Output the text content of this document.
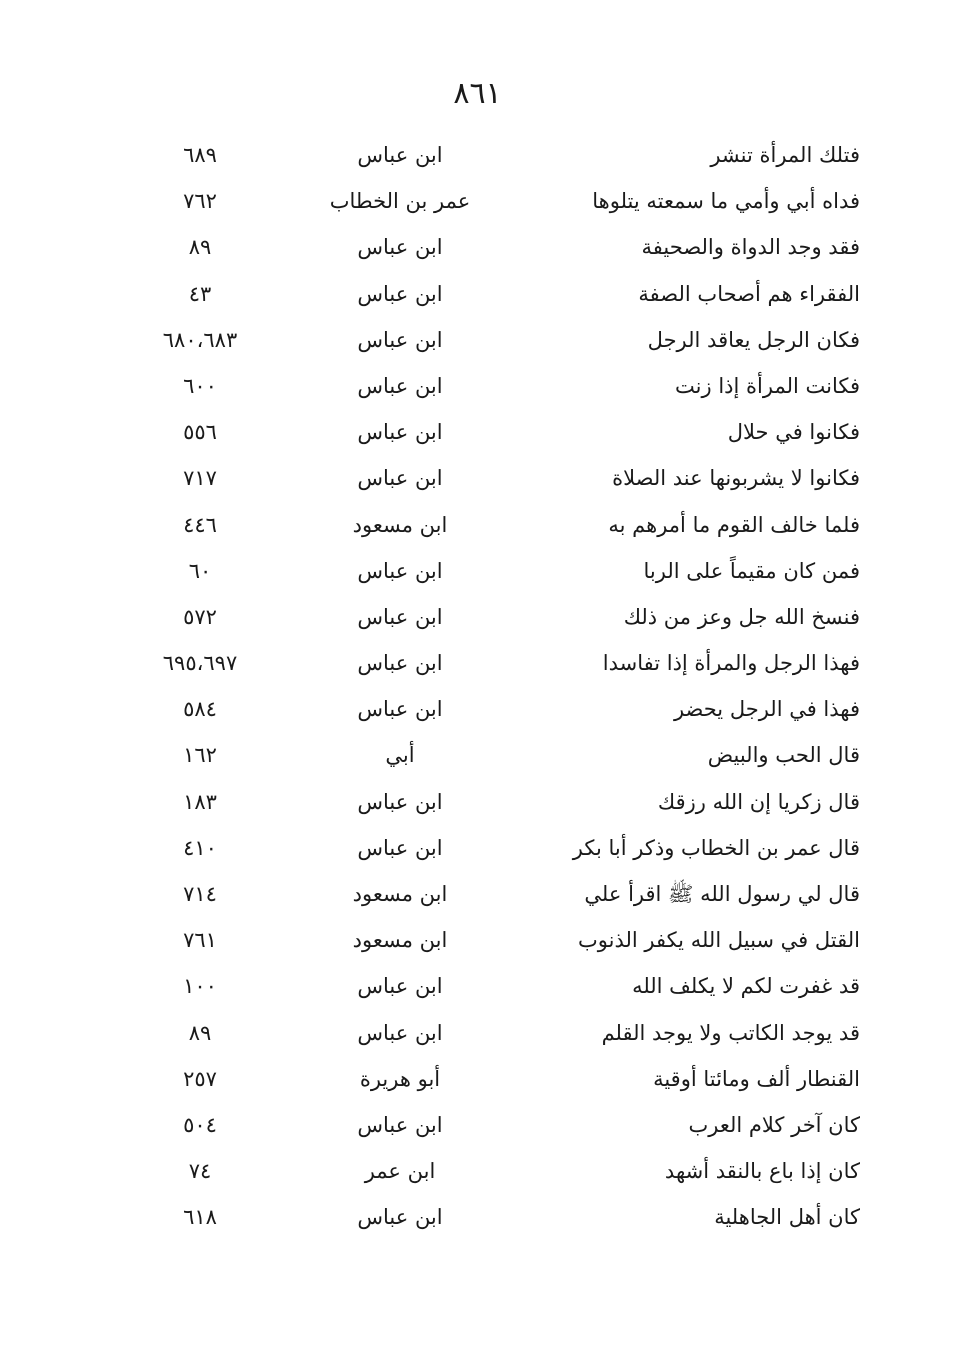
٨٦١
فتلك المرأة تنشر
ابن عباس
٦٨٩
فداه أبي وأمي ما سمعته يتلوها
عمر بن الخطاب
٧٦٢
فقد وجد الدواة والصحيفة
ابن عباس
٨٩
الفقراء هم أصحاب الصفة
ابن عباس
٤٣
فكان الرجل يعاقد الرجل
ابن عباس
٦٨٠،٦٨٣
فكانت المرأة إذا زنت
ابن عباس
٦٠٠
فكانوا في حلال
ابن عباس
٥٥٦
فكانوا لا يشربونها عند الصلاة
ابن عباس
٧١٧
فلما خالف القوم ما أمرهم به
ابن مسعود
٤٤٦
فمن كان مقيماً على الربا
ابن عباس
٦٠
فنسخ الله جل وعز من ذلك
ابن عباس
٥٧٢
فهذا الرجل والمرأة إذا تفاسدا
ابن عباس
٦٩٥،٦٩٧
فهذا في الرجل يحضر
ابن عباس
٥٨٤
قال الحب والبيض
أبي
١٦٢
قال زكريا إن الله رزقك
ابن عباس
١٨٣
قال عمر بن الخطاب وذكر أبا بكر
ابن عباس
٤١٠
قال لي رسول الله ﷺ اقرأ علي
ابن مسعود
٧١٤
القتل في سبيل الله يكفر الذنوب
ابن مسعود
٧٦١
قد غفرت لكم لا يكلف الله
ابن عباس
١٠٠
قد يوجد الكاتب ولا يوجد القلم
ابن عباس
٨٩
القنطار ألف ومائتا أوقية
أبو هريرة
٢٥٧
كان آخر كلام العرب
ابن عباس
٥٠٤
كان إذا باع بالنقد أشهد
ابن عمر
٧٤
كان أهل الجاهلية
ابن عباس
٦١٨
